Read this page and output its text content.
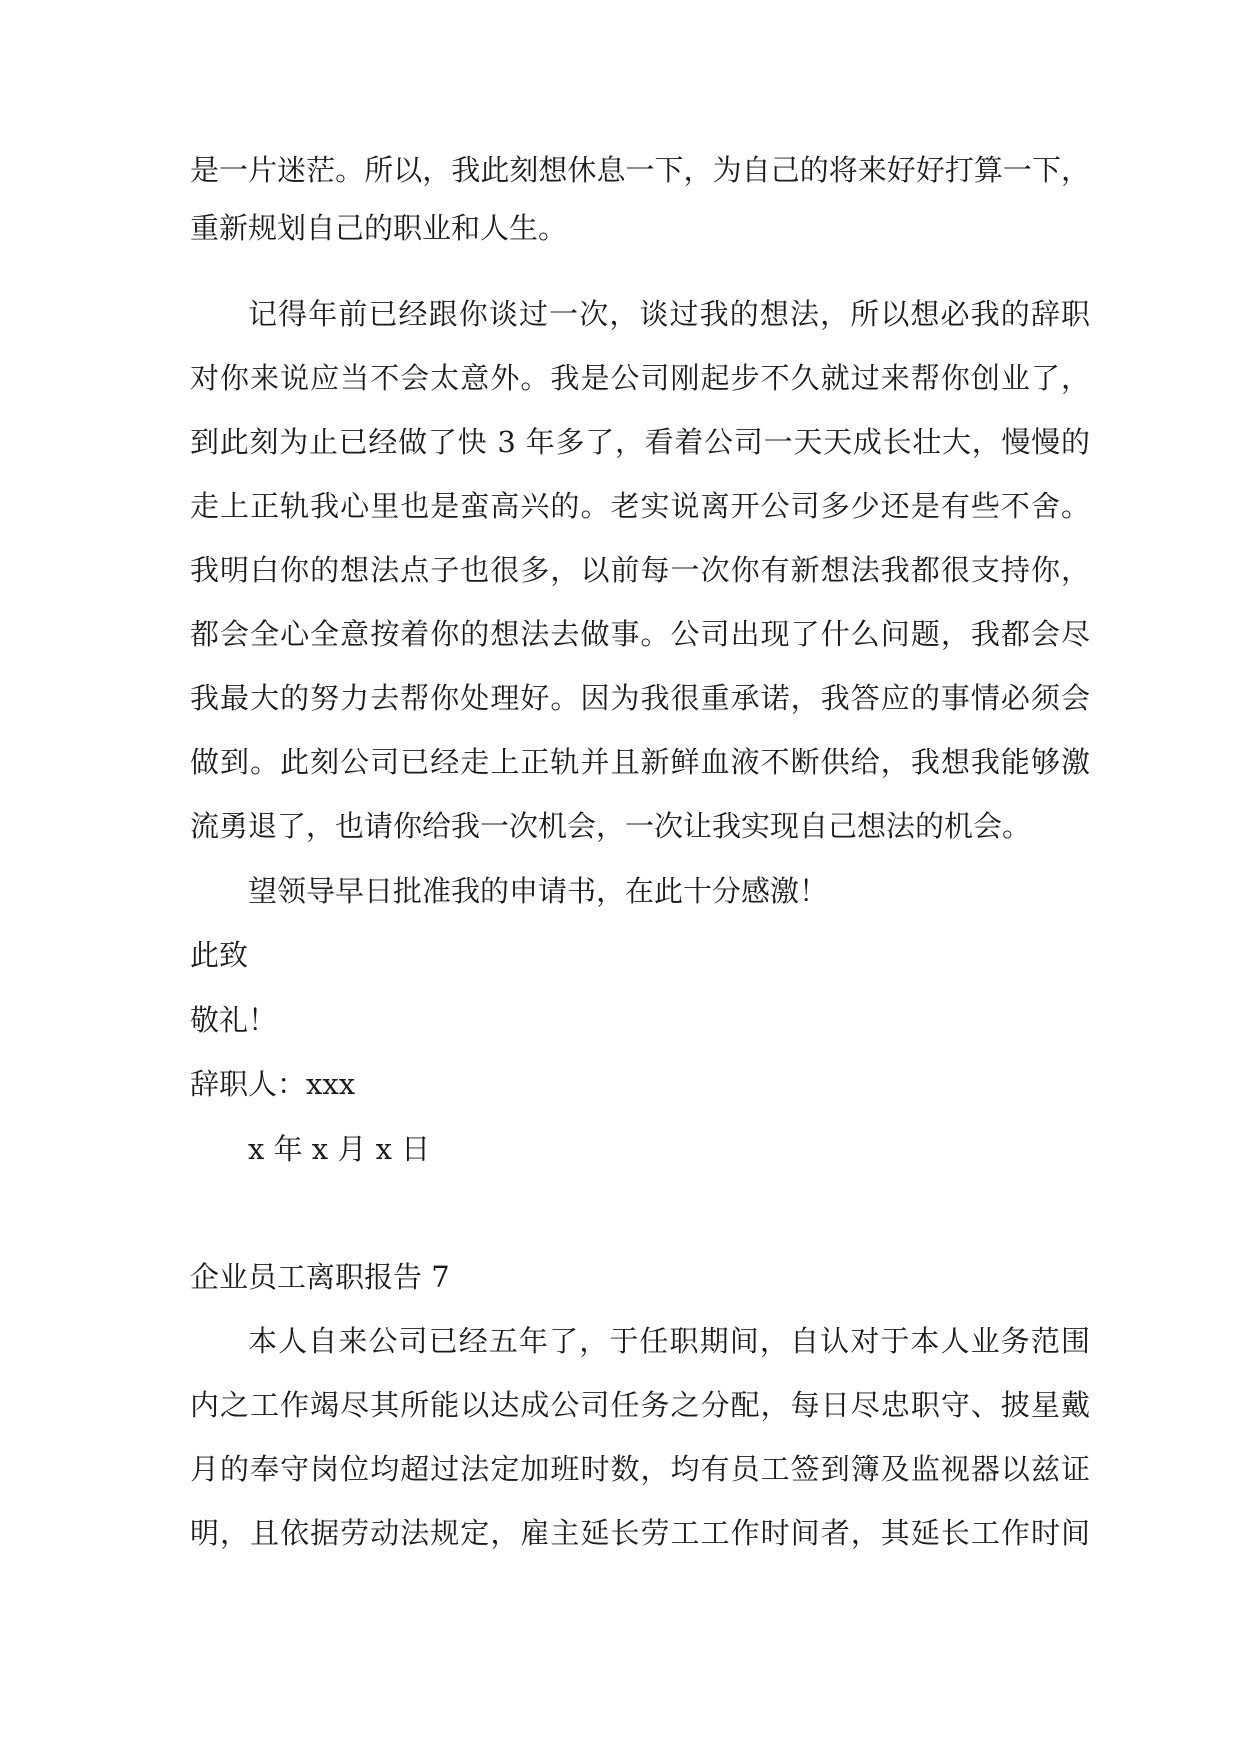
是一片迷茫。所以，我此刻想休息一下，为自己的将来好好打算一下，
重新规划自己的职业和人生。
记得年前已经跟你谈过一次，谈过我的想法，所以想必我的辞职
对你来说应当不会太意外。我是公司刚起步不久就过来帮你创业了，
到此刻为止已经做了快 3 年多了，看着公司一天天成长壮大，慢慢的
走上正轨我心里也是蛮高兴的。老实说离开公司多少还是有些不舍。
我明白你的想法点子也很多，以前每一次你有新想法我都很支持你，
都会全心全意按着你的想法去做事。公司出现了什么问题，我都会尽
我最大的努力去帮你处理好。因为我很重承诺，我答应的事情必须会
做到。此刻公司已经走上正轨并且新鲜血液不断供给，我想我能够激
流勇退了，也请你给我一次机会，一次让我实现自己想法的机会。
望领导早日批准我的申请书，在此十分感激！
此致
敬礼！
辞职人：xxx
x 年 x 月 x 日
企业员工离职报告 7
本人自来公司已经五年了，于任职期间，自认对于本人业务范围
内之工作竭尽其所能以达成公司任务之分配，每日尽忠职守、披星戴
月的奉守岗位均超过法定加班时数，均有员工签到簿及监视器以兹证
明，且依据劳动法规定，雇主延长劳工工作时间者，其延长工作时间
